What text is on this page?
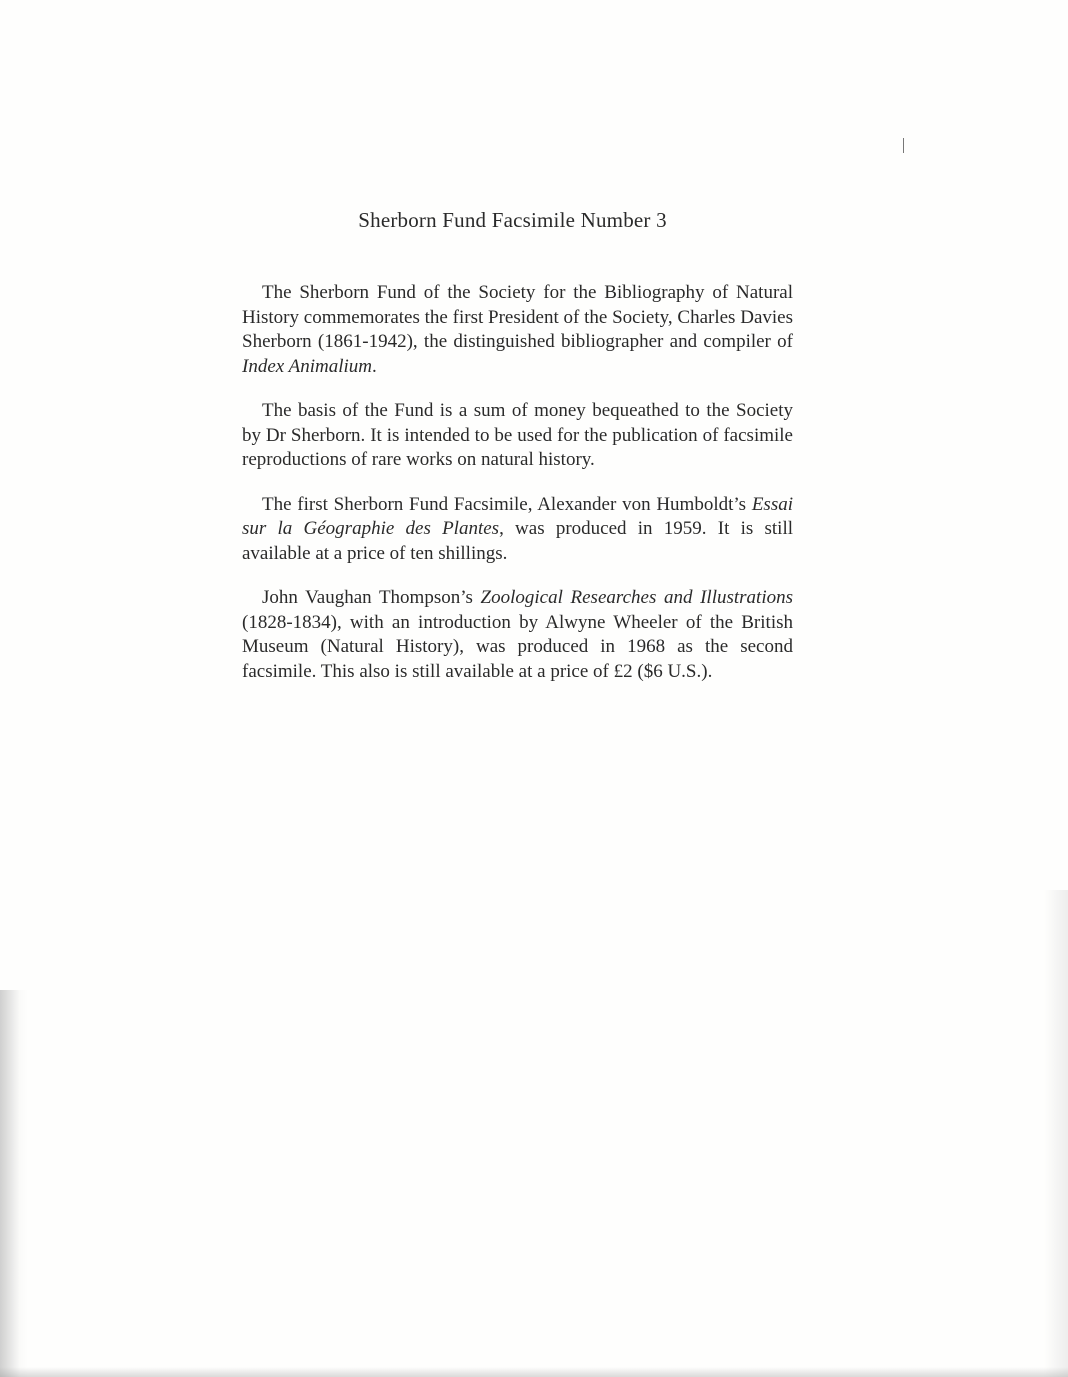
Sherborn Fund Facsimile Number 3

The Sherborn Fund of the Society for the Bibliography of Natural History commemorates the first President of the Society, Charles Davies Sherborn (1861-1942), the distinguished bibliographer and compiler of Index Animalium.

The basis of the Fund is a sum of money bequeathed to the Society by Dr Sherborn. It is intended to be used for the publication of facsimile reproductions of rare works on natural history.

The first Sherborn Fund Facsimile, Alexander von Humboldt’s Essai sur la Géographie des Plantes, was produced in 1959. It is still available at a price of ten shillings.

John Vaughan Thompson’s Zoological Researches and Illustrations (1828-1834), with an introduction by Alwyne Wheeler of the British Museum (Natural History), was produced in 1968 as the second facsimile. This also is still available at a price of £2 ($6 U.S.).
